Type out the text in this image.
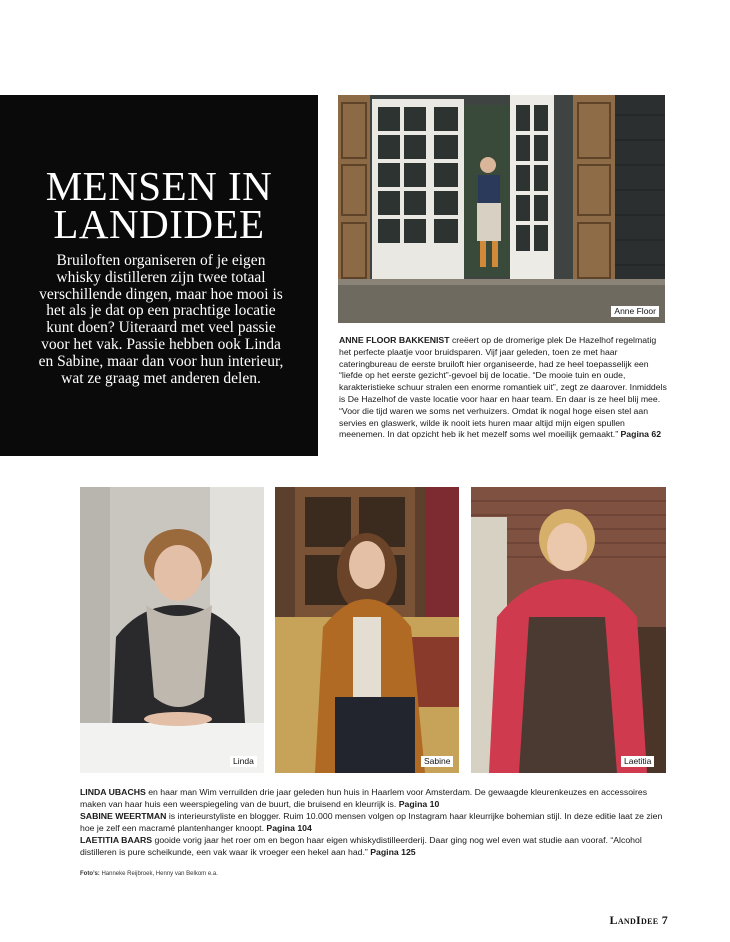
MENSEN IN
LANDIDEE
Bruiloften organiseren of je eigen whisky distilleren zijn twee totaal verschillende dingen, maar hoe mooi is het als je dat op een prachtige locatie kunt doen? Uiteraard met veel passie voor het vak. Passie hebben ook Linda en Sabine, maar dan voor hun interieur, wat ze graag met anderen delen.
Anne Floor
ANNE FLOOR BAKKENIST creëert op de dromerige plek De Hazelhof regelmatig het perfecte plaatje voor bruidsparen. Vijf jaar geleden, toen ze met haar cateringbureau de eerste bruiloft hier organiseerde, had ze heel toepasselijk een “liefde op het eerste gezicht”-gevoel bij de locatie. “De mooie tuin en oude, karakteristieke schuur stralen een enorme romantiek uit”, zegt ze daarover. Inmiddels is De Hazelhof de vaste locatie voor haar en haar team. En daar is ze heel blij mee. “Voor die tijd waren we soms net verhuizers. Omdat ik nogal hoge eisen stel aan servies en glaswerk, wilde ik nooit iets huren maar altijd mijn eigen spullen meenemen. In dat opzicht heb ik het mezelf soms wel moeilijk gemaakt.” Pagina 62
Linda	Sabine	Laetitia
LINDA UBACHS en haar man Wim verruilden drie jaar geleden hun huis in Haarlem voor Amsterdam. De gewaagde kleurenkeuzes en accessoires maken van haar huis een weerspiegeling van de buurt, die bruisend en kleurrijk is. Pagina 10
SABINE WEERTMAN is interieurstyliste en blogger. Ruim 10.000 mensen volgen op Instagram haar kleurrijke bohemian stijl. In deze editie laat ze zien hoe je zelf een macramé plantenhanger knoopt. Pagina 104
LAETITIA BAARS gooide vorig jaar het roer om en begon haar eigen whiskydistilleerderij. Daar ging nog wel even wat studie aan vooraf. “Alcohol distilleren is pure scheikunde, een vak waar ik vroeger een hekel aan had.” Pagina 125
Foto’s: Hanneke Reijbroek, Henny van Belkom e.a.
LandIdee 7
